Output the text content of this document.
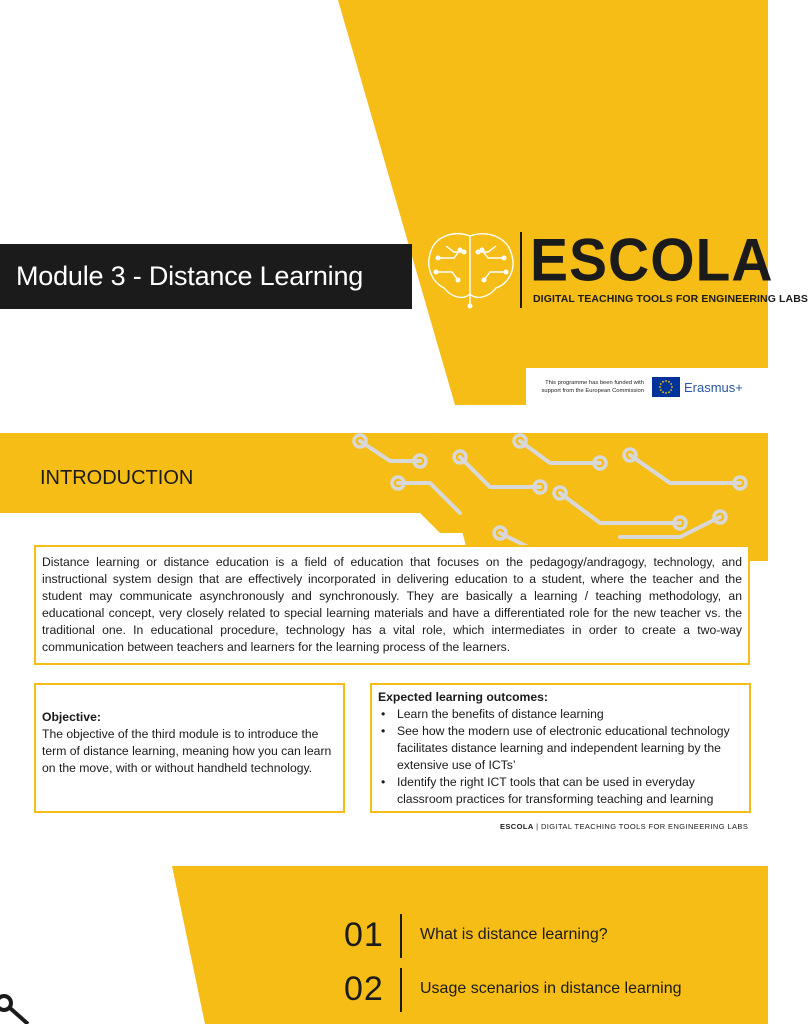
Module 3 - Distance Learning	ESCOLA
DIGITAL TEACHING TOOLS FOR ENGINEERING LABS
This programme has been funded with
support from the European Commission	Erasmus+
INTRODUCTION

Distance learning or distance education is a field of education that focuses on the pedagogy/andragogy, technology, and instructional system design that are effectively incorporated in delivering education to a student, where the teacher and the student may communicate asynchronously and synchronously. They are basically a learning / teaching methodology, an educational concept, very closely related to special learning materials and have a differentiated role for the new teacher vs. the traditional one. In educational procedure, technology has a vital role, which intermediates in order to create a two-way communication between teachers and learners for the learning process of the learners.

Objective:

The objective of the third module is to introduce the term of distance learning, meaning how you can learn on the move, with or without handheld technology.

Expected learning outcomes:
• Learn the benefits of distance learning
• See how the modern use of electronic educational technology facilitates distance learning and independent learning by the extensive use of ICTs’
• Identify the right ICT tools that can be used in everyday classroom practices for transforming teaching and learning
ESCOLA | DIGITAL TEACHING TOOLS FOR ENGINEERING LABS
01 What is distance learning?
02 Usage scenarios in distance learning
